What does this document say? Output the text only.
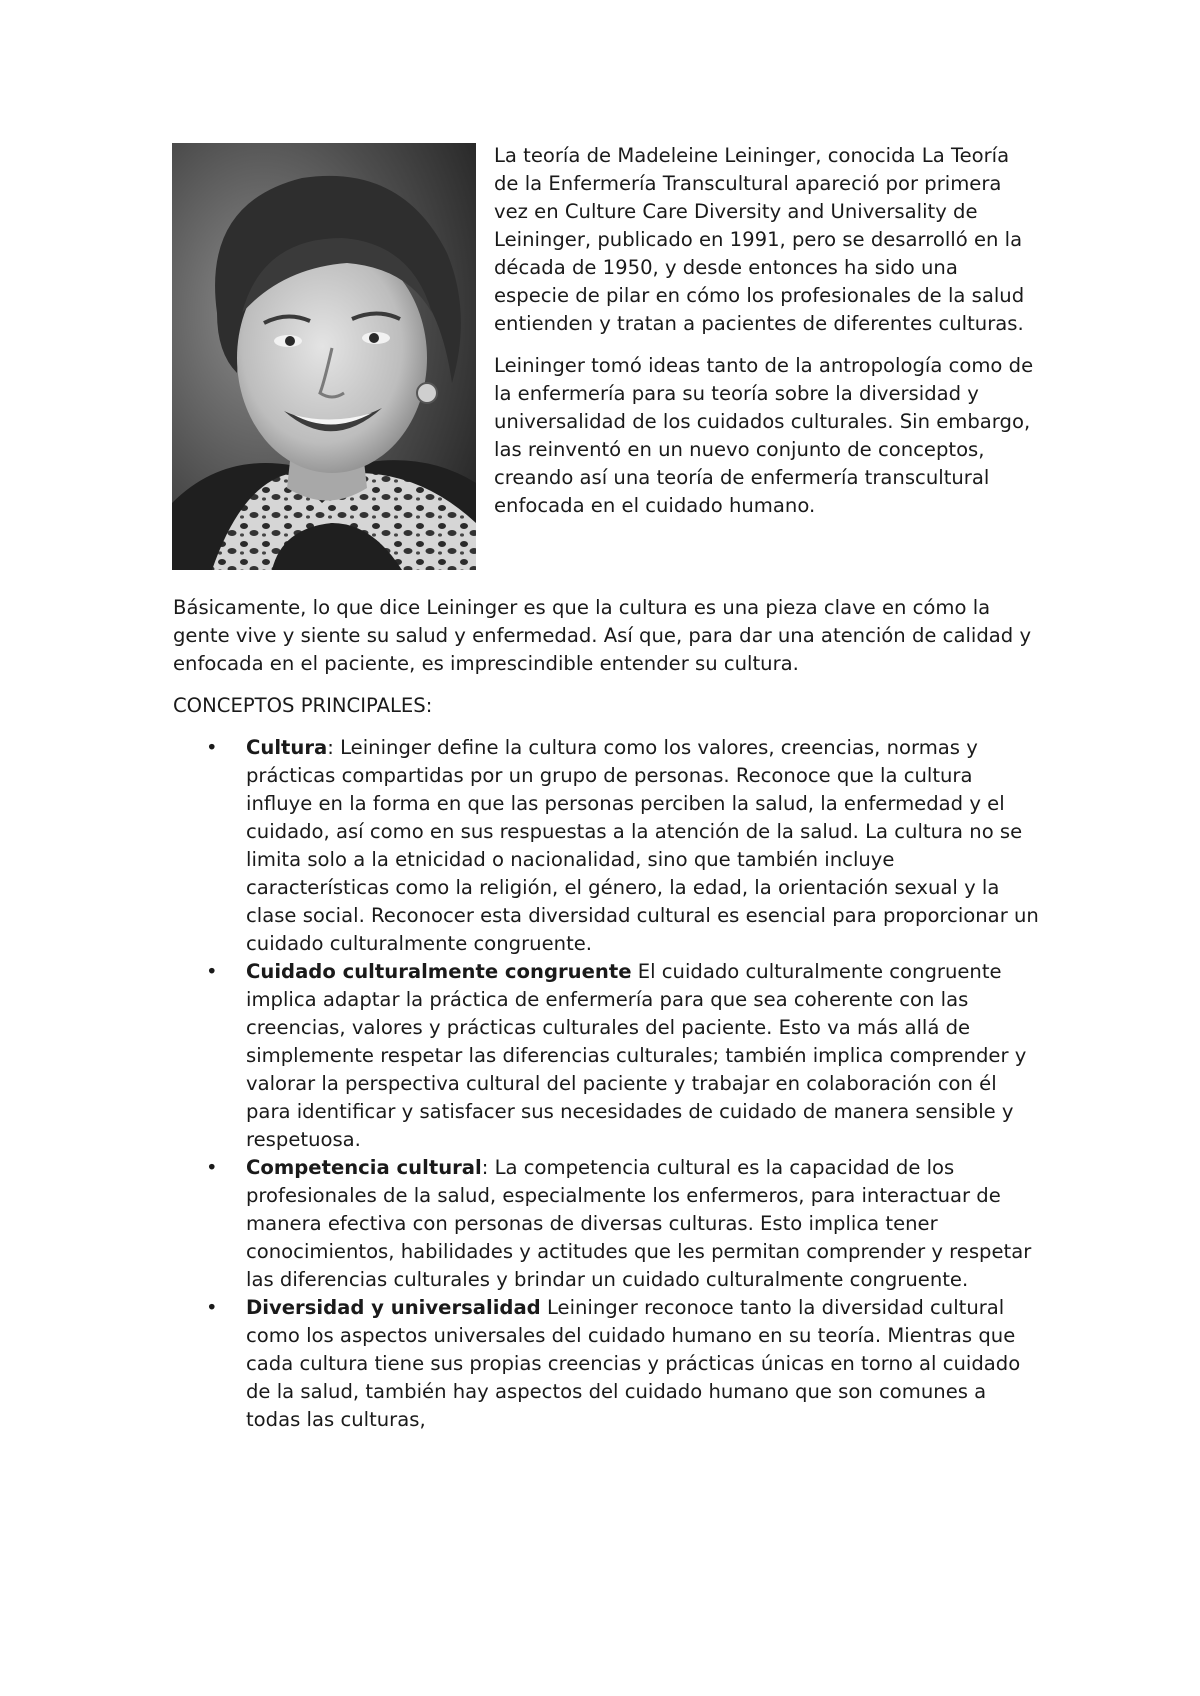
La teoría de Madeleine Leininger, conocida La Teoría de la Enfermería Transcultural apareció por primera vez en Culture Care Diversity and Universality de Leininger, publicado en 1991, pero se desarrolló en la década de 1950, y desde entonces ha sido una especie de pilar en cómo los profesionales de la salud entienden y tratan a pacientes de diferentes culturas.

Leininger tomó ideas tanto de la antropología como de la enfermería para su teoría sobre la diversidad y universalidad de los cuidados culturales. Sin embargo, las reinventó en un nuevo conjunto de conceptos, creando así una teoría de enfermería transcultural enfocada en el cuidado humano.

Básicamente, lo que dice Leininger es que la cultura es una pieza clave en cómo la gente vive y siente su salud y enfermedad. Así que, para dar una atención de calidad y enfocada en el paciente, es imprescindible entender su cultura.

CONCEPTOS PRINCIPALES:

• Cultura: Leininger define la cultura como los valores, creencias, normas y prácticas compartidas por un grupo de personas. Reconoce que la cultura influye en la forma en que las personas perciben la salud, la enfermedad y el cuidado, así como en sus respuestas a la atención de la salud. La cultura no se limita solo a la etnicidad o nacionalidad, sino que también incluye características como la religión, el género, la edad, la orientación sexual y la clase social. Reconocer esta diversidad cultural es esencial para proporcionar un cuidado culturalmente congruente.
• Cuidado culturalmente congruente El cuidado culturalmente congruente implica adaptar la práctica de enfermería para que sea coherente con las creencias, valores y prácticas culturales del paciente. Esto va más allá de simplemente respetar las diferencias culturales; también implica comprender y valorar la perspectiva cultural del paciente y trabajar en colaboración con él para identificar y satisfacer sus necesidades de cuidado de manera sensible y respetuosa.
• Competencia cultural: La competencia cultural es la capacidad de los profesionales de la salud, especialmente los enfermeros, para interactuar de manera efectiva con personas de diversas culturas. Esto implica tener conocimientos, habilidades y actitudes que les permitan comprender y respetar las diferencias culturales y brindar un cuidado culturalmente congruente.
• Diversidad y universalidad Leininger reconoce tanto la diversidad cultural como los aspectos universales del cuidado humano en su teoría. Mientras que cada cultura tiene sus propias creencias y prácticas únicas en torno al cuidado de la salud, también hay aspectos del cuidado humano que son comunes a todas las culturas,
